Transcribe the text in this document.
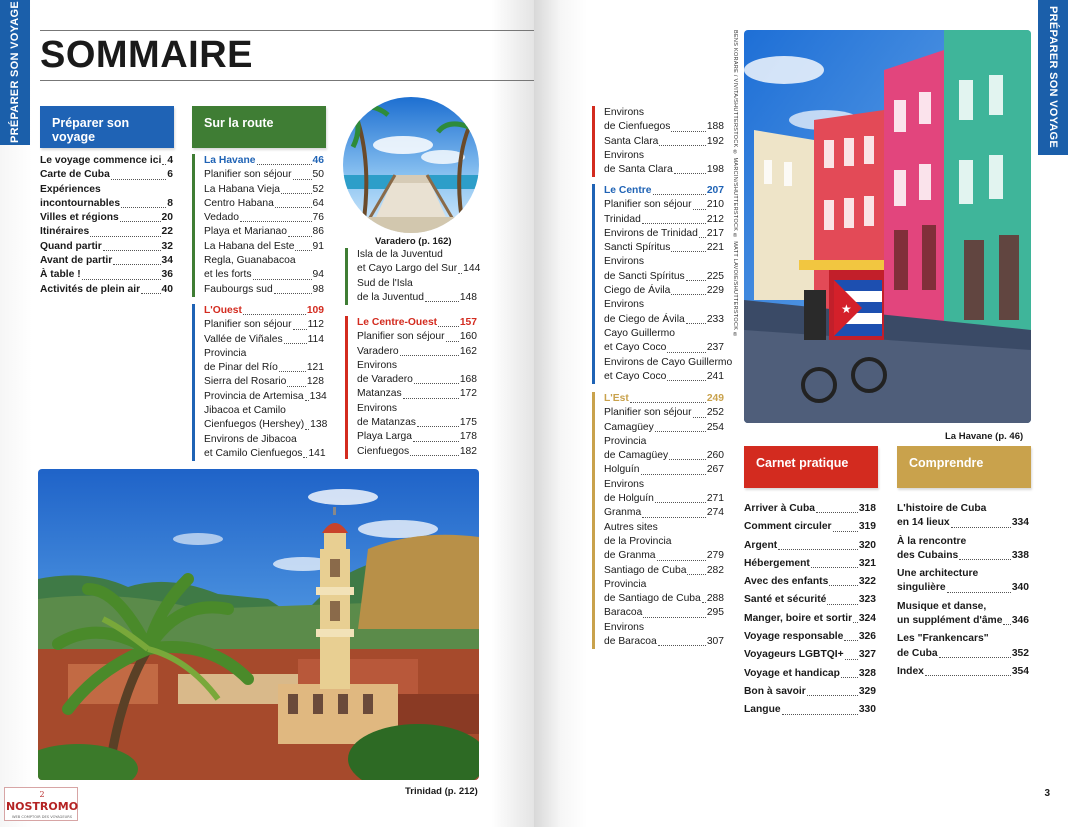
PRÉPARER SON VOYAGE SOMMAIRE
Préparer son voyage
Le voyage commence ici 4
Carte de Cuba	6
Expériences
incontournables	8
Villes et régions	20
Itinéraires	22
Quand partir	32
Avant de partir	34
À table !	36
Activités de plein air 40
Sur la route
La Havane	46
Planifier son séjour 50
La Habana Vieja	52
Centro Habana	64
Vedado	76
Playa et Marianao 86
La Habana del Este 91
Regla, Guanabacoa
et les forts	94
Faubourgs sud	98
L'Ouest	109
Planifier son séjour 112
Vallée de Viñales 114
Provincia
de Pinar del Río	121
Sierra del Rosario 128
Provincia de Artemisa 134
Jibacoa et Camilo
Cienfuegos (Hershey) 138
Environs de Jibacoa
et Camilo Cienfuegos 141
Varadero (p. 162)
Isla de la Juventud
et Cayo Largo del Sur 144
Sud de l'Isla
de la Juventud	148
Le Centre-Ouest 157
Planifier son séjour 160
Varadero	162
Environs
de Varadero	168
Matanzas	172
Environs
de Matanzas	175
Playa Larga	178
Cienfuegos	182
Trinidad (p. 212)
2
NOSTROMO
WEB COMPTOIR DES VOYAGEURS
PRÉPARER SON VOYAGE
Environs
de Cienfuegos	188
Santa Clara	192
Environs
de Santa Clara	198
Le Centre	207
Planifier son séjour 210
Trinidad	212
Environs de Trinidad 217
Sancti Spíritus	221
Environs
de Sancti Spíritus 225
Ciego de Ávila	229
Environs
de Ciego de Ávila 233
Cayo Guillermo
et Cayo Coco	237
Environs de Cayo Guillermo
et Cayo Coco	241
L'Est	249
Planifier son séjour 252
Camagüey	254
Provincia
de Camagüey	260
Holguín	267
Environs
de Holguín	271
Granma	274
Autres sites
de la Provincia
de Granma	279
Santiago de Cuba 282
Provincia
de Santiago de Cuba 288
Baracoa	295
Environs
de Baracoa	307
BENS KORARE / VIVITA/SHUTTERSTOCK ® MARCIN/SHUTTERSTOCK ® MATT LAVOIE/SHUTTERSTOCK ®	★
La Havane (p. 46)
Carnet pratique
Arriver à Cuba	318
Comment circuler	319
Argent	320
Hébergement	321
Avec des enfants	322
Santé et sécurité	323
Manger, boire et sortir 324
Voyage responsable 326
Voyageurs LGBTQI+ 327
Voyage et handicap 328
Bon à savoir	329
Langue	330
Comprendre
L'histoire de Cuba
en 14 lieux	334
À la rencontre
des Cubains	338
Une architecture
singulière	340
Musique et danse,
un supplément d'âme 346
Les "Frankencars"
de Cuba	352
Index	354
3
